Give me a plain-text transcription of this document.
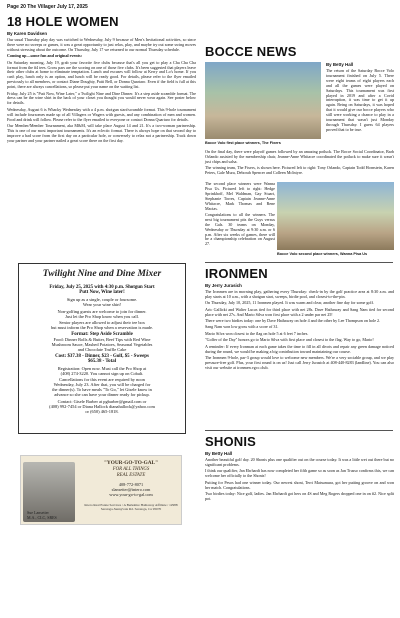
Page 20 The Villager July 17, 2025
18 HOLE WOMEN
By Karen Davidsen

Our usual Thursday play day was switched to Wednesday, July 9 because of Men's Invitational activities, so since there were no sweeps or games, it was a great opportunity to just relax, play, and maybe try out some swing moves without stressing about the outcome. On Thursday, July 17 we returned to our normal Thursday schedule.

Coming up—some fun and original events:

On Saturday morning, July 19, grab your favorite five clubs because that's all you get to play a Cha Cha Cha format from the #4 tees. Gross pars are the scoring on one of those five clubs. It's been suggested that players leave their other clubs at home to eliminate temptation. Lunch and excuses will follow at Kerry and Lo's home. If you can't play, lunch only is an option, and lunch will be ready good. For details, please refer to the flyer emailed previously to all members, or contact Diane Doughty, Patti Bell, or Donna Quartaro. Even if the field is full at this point, there are always cancellations, so please put your name on the waiting list.

Friday, July 25 is "Putt Now, Wine Later," a Twilight Nine and Dine Dinner. It's a step aside scramble format. The dress can be the wine shirt in the back of your closet you thought you would never wear again. See poster below for details.

Wednesday, August 6 is Whacky Wednesday with a 4 p.m. shotgun start/scramble format. This 9-hole tournament will include foursomes made up of all Villagers or Wagers with guests, and any combination of men and women. Food and drink will follow. Please refer to the flyer emailed to everyone or contact Donna Quartaro for details.

Our Member/Member Tournament, aka M&M, will take place August 14 and 21. It's a two-woman partnership. This is one of our most important tournaments. It's an eclectic format. There is always hope on that second day to improve a bad score from the first day on a particular hole, or conversely to relax not a partnership. Track down your partner and your partner nailed a great score there on the first day.

Twilight Nine and Dine Mixer

Friday, July 25, 2025 with 4:30 p.m. Shotgun Start

Putt Now, Wine later!

Sign up as a single, couple or foursome.

Wear your wine shirt!

Non-golfing guests are welcome to join for dinner.

Just let the Pro Shop know when you call.

Senior players are allowed to adjust their tee box

but must inform the Pro Shop when a reservation is made.

Format: Step Aside Scramble

Food: Dinner Rolls & Butter, Beef Tips with Red Wine

Mushroom Sauce, Mashed Potatoes, Seasonal Vegetables

and Chocolate Truffle Cake

Cost: $37.38 - Dinner, $23 - Golf, $5 - Sweeps

$65.38 - Total

Registration: Open now. Must call the Pro Shop at

(408) 274-3220. You cannot sign up on Cobalt.

Cancellations for this event are required by noon

Wednesday, July 23. After that, you will be charged for

the dinner(s). To have meals "To Go," let Gisele know in

advance so she can have your dinner ready for pickup.

Contact: Gisele Barber at pgbarber@gmail.com or

(408) 992-7454 or Diana Hallock dianahallock@yahoo.com

or (650) 465-1818.

Sue Lansetter
M.A., CLC, SRES
"YOUR-GO-TO-GAL"
FOR ALL THINGS
REAL ESTATE
408-772-8071
slansetter@intero.com
www.your-go-to-gal.com
Intero Real Estate Services / A Berkshire Hathaway Affiliate / 12988 Saratoga-Sunnyvale Rd. Saratoga, Ca 95070
BOCCE NEWS
Bocce Volo first place winners, The Fixers
By Betty Hall

The return of the Saturday Bocce Volo tournament finished on July 5. There were eight teams of eight players each and all the games were played on Saturdays. This tournament was first played in 2019 and after a Covid interruption, it was time to get it up again. Being on Saturdays, it was hoped that it would give our bocce players who still were working a chance to play in a tournament that wasn't just Monday through Thursday. I guess 64 players proved that to be true.

On the final day, there were playoff games followed by an amazing potluck. The Bocce Social Coordinator, Barb Orlando assisted by the membership chair, Jeanne-Anne Whitacre coordinated the potluck to make sure it wasn't just chips and salsa.

The winning team, The Fixers, is shown here. Pictured left to right: Tony Orlando, Captain Todd Hornstein, Karen Peters, Gale Mura, Deborah Spencer and Colleen McIntyre.

The second place winners were Wanna Pisa Us. Pictured left to right: Hedge Sprinkhoff, Mel Waldman, Gay Stuart, Stephanie Torres, Captain Jeanne-Anne Whitacre, Mark Thomas and Rene Macias.

Congratulations to all the winners. The next big tournament pits the Guys versus the Gals. 30 teams on Monday, Wednesday or Thursday at 9:30 a.m. or 6 p.m. After six weeks of games, there will be a championship celebration on August 27.

Bocce Volo second place winners, Wanna Pisa Us
IRONMEN
By Jerry Jurasich

The Ironmen are in morning play, gathering every Thursday: check-in by the golf practice area at 8:30 a.m. and play starts at 10 a.m., with a shotgun start, sweeps, birdie pool, and closest-to-the-pin.

On Thursday, July 10, 2025, 11 Ironmen played. It was warm and clear, another fine day for some golf.

Aric Gallicki and Walter Lucas tied for third place with net 28s. Dave Hathaway and Sang Nam tied for second place with net 27s. And Mario Silva won first place with a 2 under par net 25!

There were two birdies today: one by Dave Hathaway on hole 4 and the other by Lee Thompson on hole 2.

Sang Nam won low gross with a score of 31.

Mario Silva won closest to the flag on hole 5 at 6 feet 7 inches.

"Golfer of the Day" honors go to Mario Silva with first place and closest to the flag. Way to go, Mario!

A reminder: If every Ironman at each game takes the time to fill in all divots and repair any green damage noticed during the round, we would be making a big contribution toward maintaining our course.

The Ironmen 9-hole, par-3 group would love to welcome new members. We're a very sociable group, and we play pressure-free golf. Plus, your first round is on us! Just call Jerry Jurasich at 408-440-8283 (landline). You can also visit our website at ironmen.vgcc.club.

SHONIS
By Betty Hall

Another beautiful golf day. 20 Shonis plus one qualifier out on the course today. It was a little wet out there but no significant problems.

I think our qualifier, Jan Ehrhardt has now completed her fifth game so as soon as Jan Trusso confirms this, we can welcome her officially to the Shonis!

Putting for Pesos had one winner today. Our newest shoni, Terri Matsumura, got her putting groove on and won her match. Congratulations.

Two birdies today: Nice golf, ladies. Jan Ehrhardt got hers on 4S and Meg Rogers dropped one in on #2. Nice split pot.
